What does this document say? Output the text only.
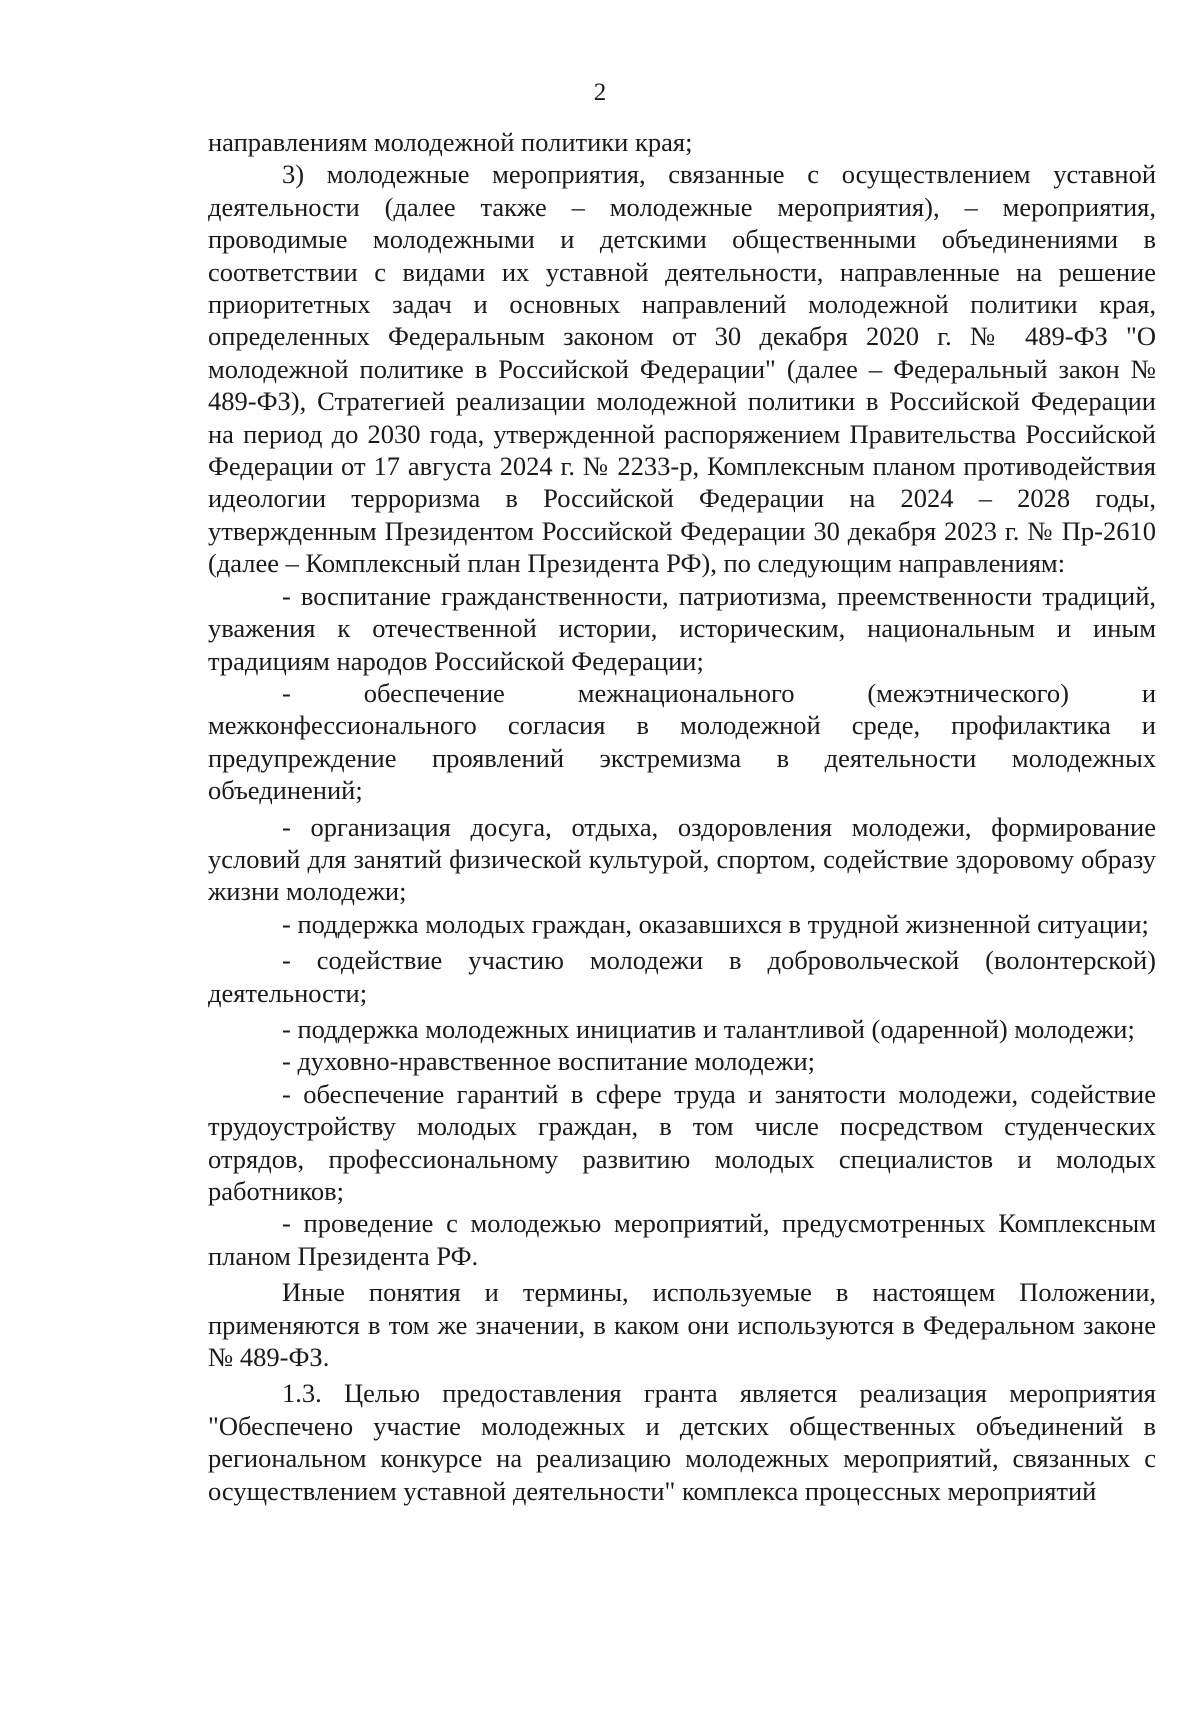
2

направлениям молодежной политики края;

3) молодежные мероприятия, связанные с осуществлением уставной деятельности (далее также – молодежные мероприятия), – мероприятия, проводимые молодежными и детскими общественными объединениями в соответствии с видами их уставной деятельности, направленные на решение приоритетных задач и основных направлений молодежной политики края, определенных Федеральным законом от 30 декабря 2020 г. № 489-ФЗ "О молодежной политике в Российской Федерации" (далее – Федеральный закон № 489-ФЗ), Стратегией реализации молодежной политики в Российской Федерации на период до 2030 года, утвержденной распоряжением Правительства Российской Федерации от 17 августа 2024 г. № 2233-р, Комплексным планом противодействия идеологии терроризма в Российской Федерации на 2024 – 2028 годы, утвержденным Президентом Российской Федерации 30 декабря 2023 г. № Пр-2610 (далее – Комплексный план Президента РФ), по следующим направлениям:

- воспитание гражданственности, патриотизма, преемственности традиций, уважения к отечественной истории, историческим, национальным и иным традициям народов Российской Федерации;

- обеспечение межнационального (межэтнического) и межконфессионального согласия в молодежной среде, профилактика и предупреждение проявлений экстремизма в деятельности молодежных объединений;

- организация досуга, отдыха, оздоровления молодежи, формирование условий для занятий физической культурой, спортом, содействие здоровому образу жизни молодежи;

- поддержка молодых граждан, оказавшихся в трудной жизненной ситуации;

- содействие участию молодежи в добровольческой (волонтерской) деятельности;

- поддержка молодежных инициатив и талантливой (одаренной) молодежи;

- духовно-нравственное воспитание молодежи;

- обеспечение гарантий в сфере труда и занятости молодежи, содействие трудоустройству молодых граждан, в том числе посредством студенческих отрядов, профессиональному развитию молодых специалистов и молодых работников;

- проведение с молодежью мероприятий, предусмотренных Комплексным планом Президента РФ.

Иные понятия и термины, используемые в настоящем Положении, применяются в том же значении, в каком они используются в Федеральном законе № 489-ФЗ.

1.3. Целью предоставления гранта является реализация мероприятия "Обеспечено участие молодежных и детских общественных объединений в региональном конкурсе на реализацию молодежных мероприятий, связанных с осуществлением уставной деятельности" комплекса процессных мероприятий
